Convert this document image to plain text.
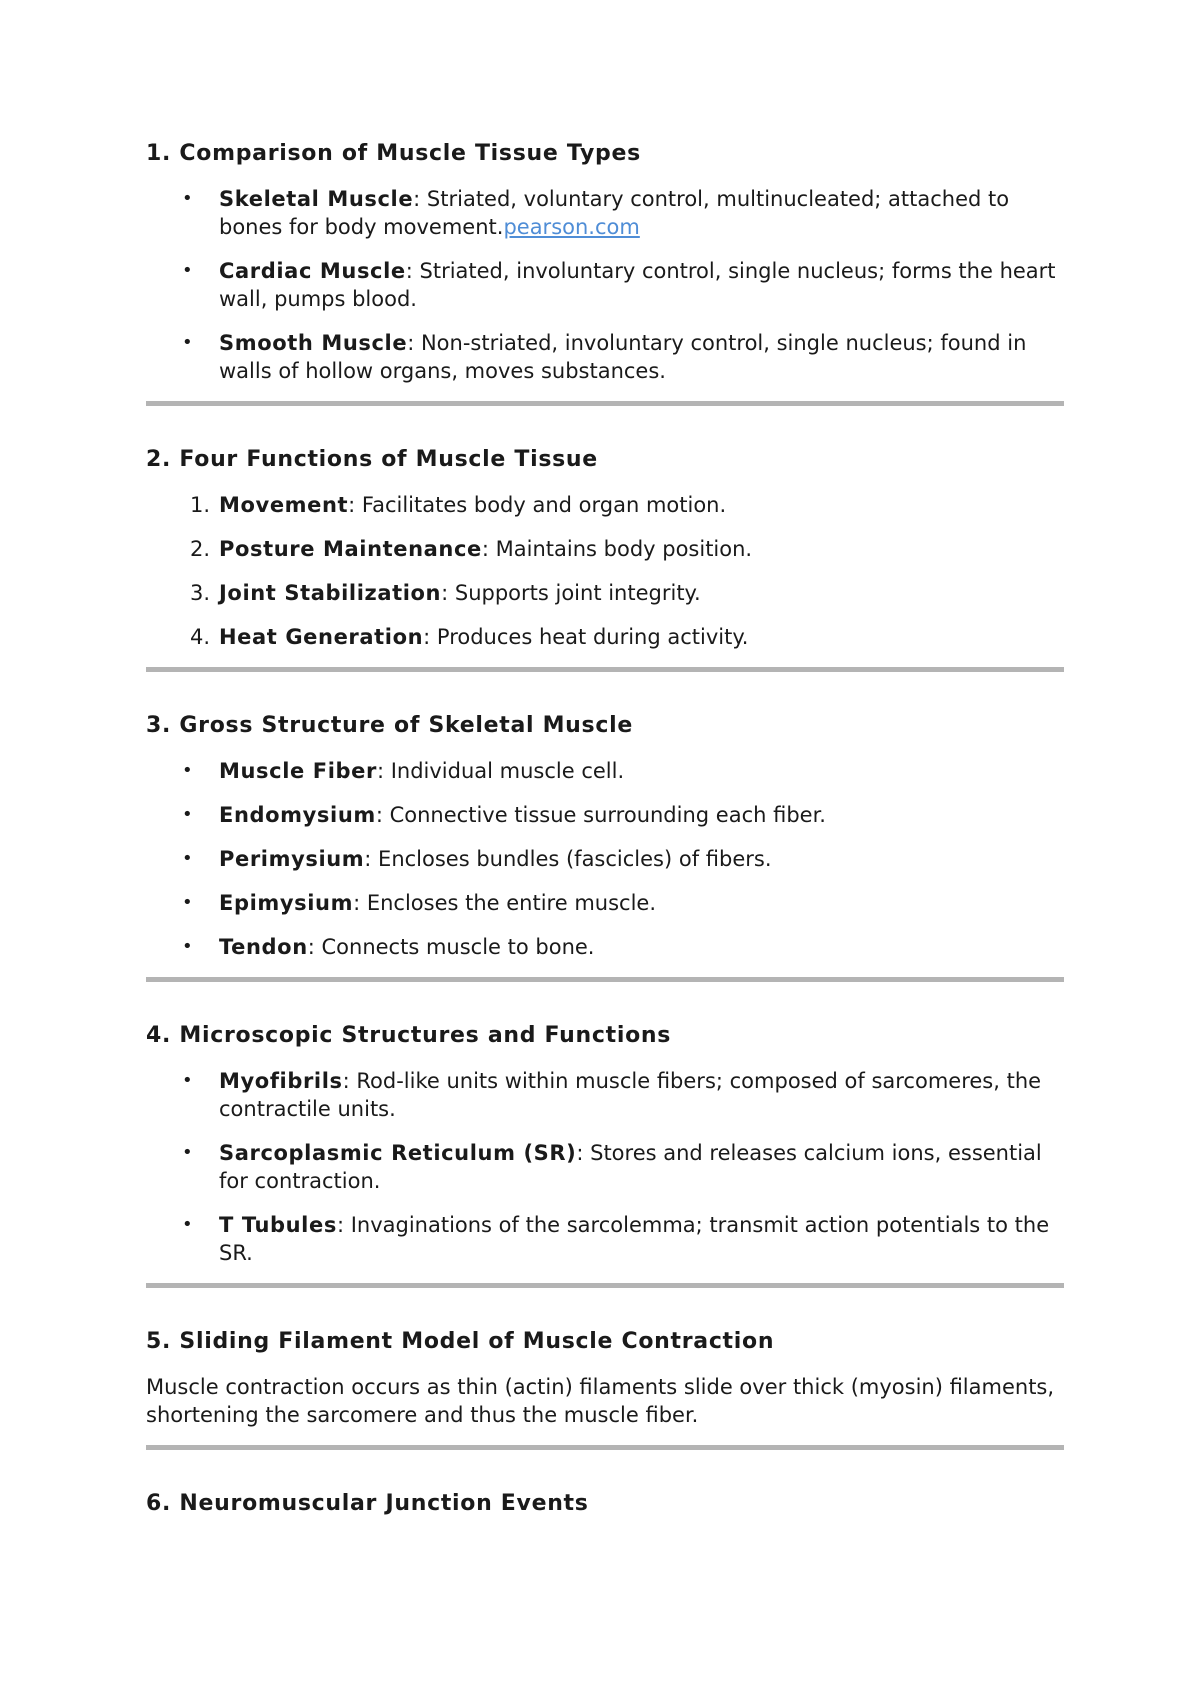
1. Comparison of Muscle Tissue Types
• Skeletal Muscle: Striated, voluntary control, multinucleated; attached to bones for body movement.pearson.com
• Cardiac Muscle: Striated, involuntary control, single nucleus; forms the heart wall, pumps blood.
• Smooth Muscle: Non-striated, involuntary control, single nucleus; found in walls of hollow organs, moves substances.
2. Four Functions of Muscle Tissue
1. Movement: Facilitates body and organ motion.
2. Posture Maintenance: Maintains body position.
3. Joint Stabilization: Supports joint integrity.
4. Heat Generation: Produces heat during activity.
3. Gross Structure of Skeletal Muscle
• Muscle Fiber: Individual muscle cell.
• Endomysium: Connective tissue surrounding each fiber.
• Perimysium: Encloses bundles (fascicles) of fibers.
• Epimysium: Encloses the entire muscle.
• Tendon: Connects muscle to bone.
4. Microscopic Structures and Functions
• Myofibrils: Rod-like units within muscle fibers; composed of sarcomeres, the contractile units.
• Sarcoplasmic Reticulum (SR): Stores and releases calcium ions, essential for contraction.
• T Tubules: Invaginations of the sarcolemma; transmit action potentials to the SR.
5. Sliding Filament Model of Muscle Contraction

Muscle contraction occurs as thin (actin) filaments slide over thick (myosin) filaments, shortening the sarcomere and thus the muscle fiber.

6. Neuromuscular Junction Events
